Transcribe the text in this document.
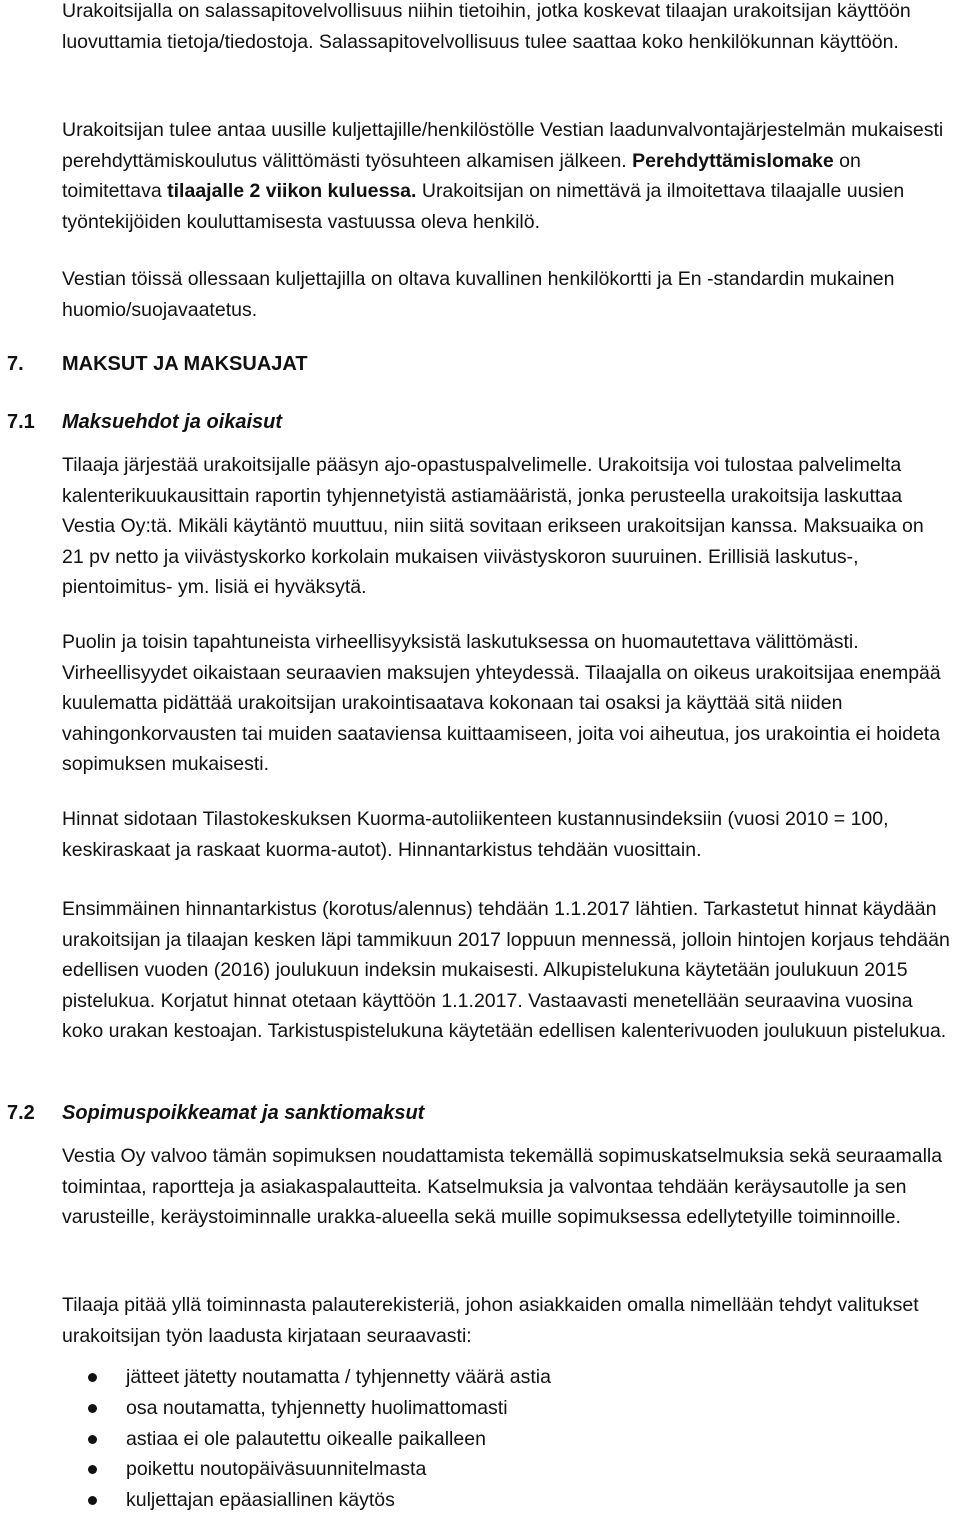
Urakoitsijalla on salassapitovelvollisuus niihin tietoihin, jotka koskevat tilaajan urakoitsijan käyttöön luovuttamia tietoja/tiedostoja. Salassapitovelvollisuus tulee saattaa koko henkilökunnan käyttöön.

Urakoitsijan tulee antaa uusille kuljettajille/henkilöstölle Vestian laadunvalvontajärjestelmän mukaisesti perehdyttämiskoulutus välittömästi työsuhteen alkamisen jälkeen. Perehdyttämislomake on toimitettava tilaajalle 2 viikon kuluessa. Urakoitsijan on nimettävä ja ilmoitettava tilaajalle uusien työntekijöiden kouluttamisesta vastuussa oleva henkilö.

Vestian töissä ollessaan kuljettajilla on oltava kuvallinen henkilökortti ja En -standardin mukainen huomio/suojavaatetus.

7. MAKSUT JA MAKSUAJAT
7.1 Maksuehdot ja oikaisut

Tilaaja järjestää urakoitsijalle pääsyn ajo-opastuspalvelimelle. Urakoitsija voi tulostaa palvelimelta kalenterikuukausittain raportin tyhjennetyistä astiamääristä, jonka perusteella urakoitsija laskuttaa Vestia Oy:tä. Mikäli käytäntö muuttuu, niin siitä sovitaan erikseen urakoitsijan kanssa. Maksuaika on 21 pv netto ja viivästyskorko korkolain mukaisen viivästyskoron suuruinen. Erillisiä laskutus-, pientoimitus- ym. lisiä ei hyväksytä.

Puolin ja toisin tapahtuneista virheellisyyksistä laskutuksessa on huomautettava välittömästi. Virheellisyydet oikaistaan seuraavien maksujen yhteydessä. Tilaajalla on oikeus urakoitsijaa enempää kuulematta pidättää urakoitsijan urakointisaatava kokonaan tai osaksi ja käyttää sitä niiden vahingonkorvausten tai muiden saataviensa kuittaamiseen, joita voi aiheutua, jos urakointia ei hoideta sopimuksen mukaisesti.

Hinnat sidotaan Tilastokeskuksen Kuorma-autoliikenteen kustannusindeksiin (vuosi 2010 = 100, keskiraskaat ja raskaat kuorma-autot). Hinnantarkistus tehdään vuosittain.

Ensimmäinen hinnantarkistus (korotus/alennus) tehdään 1.1.2017 lähtien. Tarkastetut hinnat käydään urakoitsijan ja tilaajan kesken läpi tammikuun 2017 loppuun mennessä, jolloin hintojen korjaus tehdään edellisen vuoden (2016) joulukuun indeksin mukaisesti. Alkupistelukuna käytetään joulukuun 2015 pistelukua. Korjatut hinnat otetaan käyttöön 1.1.2017. Vastaavasti menetellään seuraavina vuosina koko urakan kestoajan. Tarkistuspistelukuna käytetään edellisen kalenterivuoden joulukuun pistelukua.

7.2 Sopimuspoikkeamat ja sanktiomaksut

Vestia Oy valvoo tämän sopimuksen noudattamista tekemällä sopimuskatselmuksia sekä seuraamalla toimintaa, raportteja ja asiakaspalautteita. Katselmuksia ja valvontaa tehdään keräysautolle ja sen varusteille, keräystoiminnalle urakka-alueella sekä muille sopimuksessa edellytetyille toiminnoille.

Tilaaja pitää yllä toiminnasta palauterekisteriä, johon asiakkaiden omalla nimellään tehdyt valitukset urakoitsijan työn laadusta kirjataan seuraavasti:

jätteet jätetty noutamatta / tyhjennetty väärä astia
osa noutamatta, tyhjennetty huolimattomasti
astiaa ei ole palautettu oikealle paikalleen
poikettu noutopäiväsuunnitelmasta
kuljettajan epäasiallinen käytös
